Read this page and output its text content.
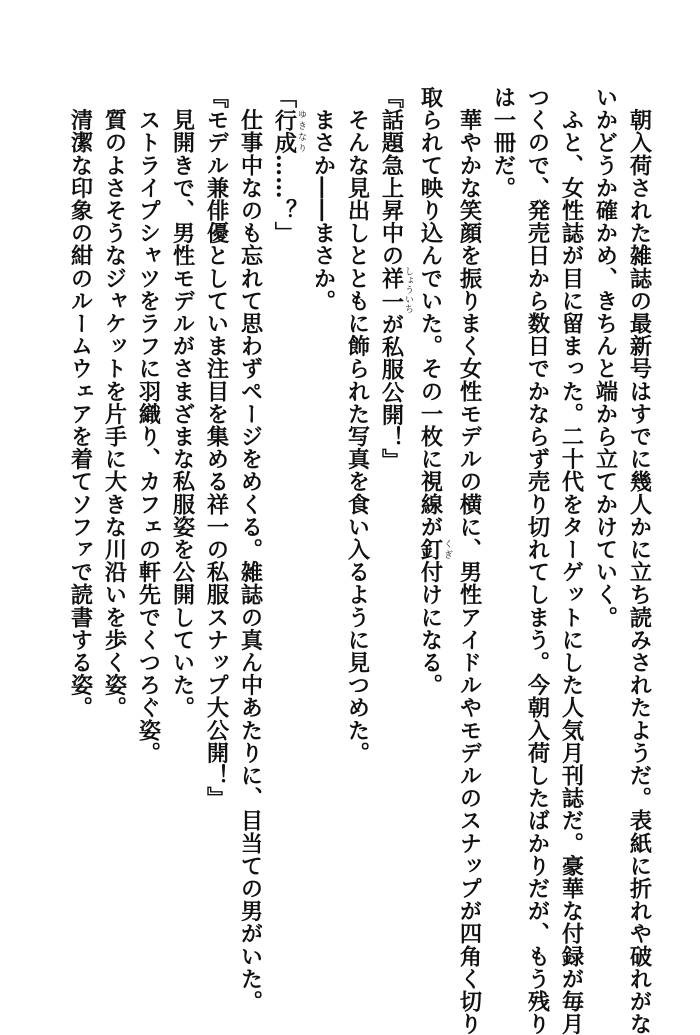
　朝入荷された雑誌の最新号はすでに幾人かに立ち読みされたようだ。表紙に折れや破れがな
いかどうか確かめ、きちんと端から立てかけていく。
　ふと、女性誌が目に留まった。二十代をターゲットにした人気月刊誌だ。豪華な付録が毎月
つくので、発売日から数日でかならず売り切れてしまう。今朝入荷したばかりだが、もう残り
は一冊だ。
　華やかな笑顔を振りまく女性モデルの横に、男性アイドルやモデルのスナップが四角く切り
取られて映り込んでいた。その一枚に視線が釘 くぎ付けになる。
『話題急上昇中の祥一 しょういちが私服公開！』
　そんな見出しとともに飾られた写真を食い入るように見つめた。
　まさか――まさか。
「行成 ゆきなり……？」
　仕事中なのも忘れて思わずページをめくる。雑誌の真ん中あたりに、目当ての男がいた。
『モデル兼俳優としていま注目を集める祥一の私服スナップ大公開！』
　見開きで、男性モデルがさまざまな私服姿を公開していた。
　ストライプシャツをラフに羽織り、カフェの軒先でくつろぐ姿。
　質のよさそうなジャケットを片手に大きな川沿いを歩く姿。
　清潔な印象の紺のルームウェアを着てソファで読書する姿。
